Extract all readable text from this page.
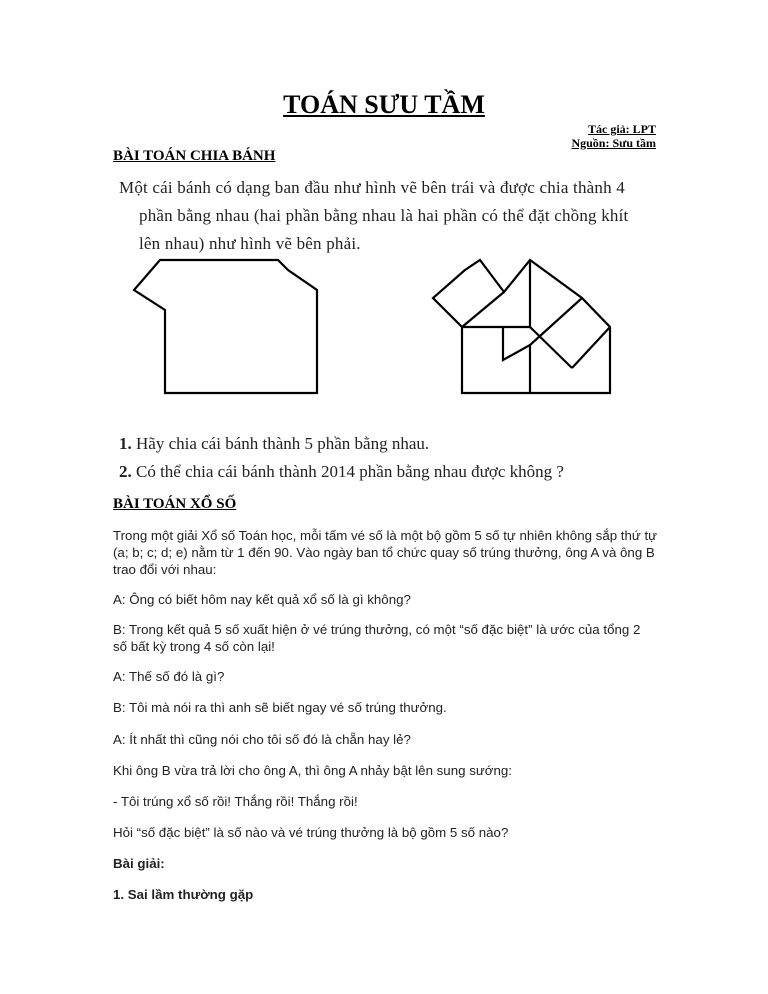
TOÁN SƯU TẦM
Tác giả: LPT
Nguồn: Sưu tầm
BÀI TOÁN CHIA BÁNH
Một cái bánh có dạng ban đầu như hình vẽ bên trái và được chia thành 4
phần bằng nhau (hai phần bằng nhau là hai phần có thể đặt chồng khít
lên nhau) như hình vẽ bên phải.
1. Hãy chia cái bánh thành 5 phần bằng nhau.
2. Có thể chia cái bánh thành 2014 phần bằng nhau được không ?
BÀI TOÁN XỔ SỐ
Trong một giải Xổ số Toán học, mỗi tấm vé số là một bộ gồm 5 số tự nhiên không sắp thứ tự (a; b; c; d; e) nằm từ 1 đến 90. Vào ngày ban tổ chức quay số trúng thưởng, ông A và ông B trao đổi với nhau:
A: Ông có biết hôm nay kết quả xổ số là gì không?
B: Trong kết quả 5 số xuất hiện ở vé trúng thưởng, có một “số đặc biệt” là ước của tổng 2 số bất kỳ trong 4 số còn lại!
A: Thế số đó là gì?
B: Tôi mà nói ra thì anh sẽ biết ngay vé số trúng thưởng.
A: Ít nhất thì cũng nói cho tôi số đó là chẵn hay lẻ?
Khi ông B vừa trả lời cho ông A, thì ông A nhảy bật lên sung sướng:
- Tôi trúng xổ số rồi! Thắng rồi! Thắng rồi!
Hỏi “số đặc biệt” là số nào và vé trúng thưởng là bộ gồm 5 số nào?
Bài giải:
1. Sai lầm thường gặp
